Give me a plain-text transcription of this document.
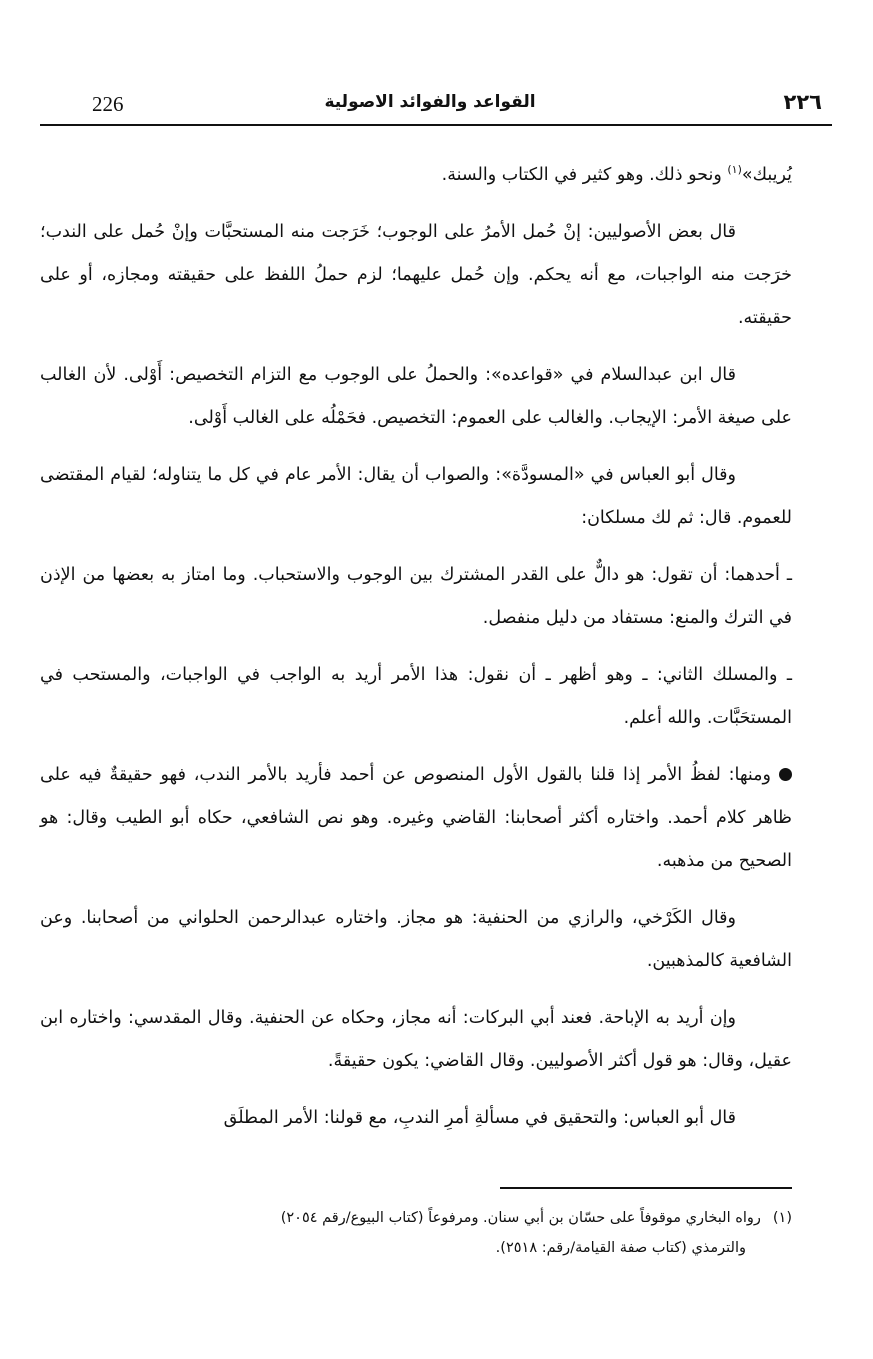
226	القواعد والفوائد الاصولية	٢٢٦

يُريبك»$^{(١)}$ ونحو ذلك. وهو كثير في الكتاب والسنة.

قال بعض الأصوليين: إنْ حُمل الأمرُ على الوجوب؛ خَرَجت منه المستحبَّات وإنْ حُمل على الندب؛ خرَجت منه الواجبات، مع أنه يحكم. وإن حُمل عليهما؛ لزم حملُ اللفظ على حقيقته ومجازه، أو على حقيقته.

قال ابن عبدالسلام في «قواعده»: والحملُ على الوجوب مع التزام التخصيص: أَوْلى. لأن الغالب على صيغة الأمر: الإيجاب. والغالب على العموم: التخصيص. فحَمْلُه على الغالب أَوْلى.

وقال أبو العباس في «المسودَّة»: والصواب أن يقال: الأمر عام في كل ما يتناوله؛ لقيام المقتضى للعموم. قال: ثم لك مسلكان:

ـ أحدهما: أن تقول: هو دالٌّ على القدر المشترك بين الوجوب والاستحباب. وما امتاز به بعضها من الإذن في الترك والمنع: مستفاد من دليل منفصل.

ـ والمسلك الثاني: ـ وهو أظهر ـ أن نقول: هذا الأمر أريد به الواجب في الواجبات، والمستحب في المستحَبَّات. والله أعلم.

ومنها: لفظُ الأمر إذا قلنا بالقول الأول المنصوص عن أحمد فأريد بالأمر الندب، فهو حقيقةٌ فيه على ظاهر كلام أحمد. واختاره أكثر أصحابنا: القاضي وغيره. وهو نص الشافعي، حكاه أبو الطيب وقال: هو الصحيح من مذهبه.

وقال الكَرْخي، والرازي من الحنفية: هو مجاز. واختاره عبدالرحمن الحلواني من أصحابنا. وعن الشافعية كالمذهبين.

وإن أريد به الإباحة. فعند أبي البركات: أنه مجاز، وحكاه عن الحنفية. وقال المقدسي: واختاره ابن عقيل، وقال: هو قول أكثر الأصوليين. وقال القاضي: يكون حقيقةً.

قال أبو العباس: والتحقيق في مسألةِ أمرِ الندبِ، مع قولنا: الأمر المطلَق

(١)رواه البخاري موقوفاً على حسّان بن أبي سنان. ومرفوعاً (كتاب البيوع/رقم ٢٠٥٤)
والترمذي (كتاب صفة القيامة/رقم: ٢٥١٨).
